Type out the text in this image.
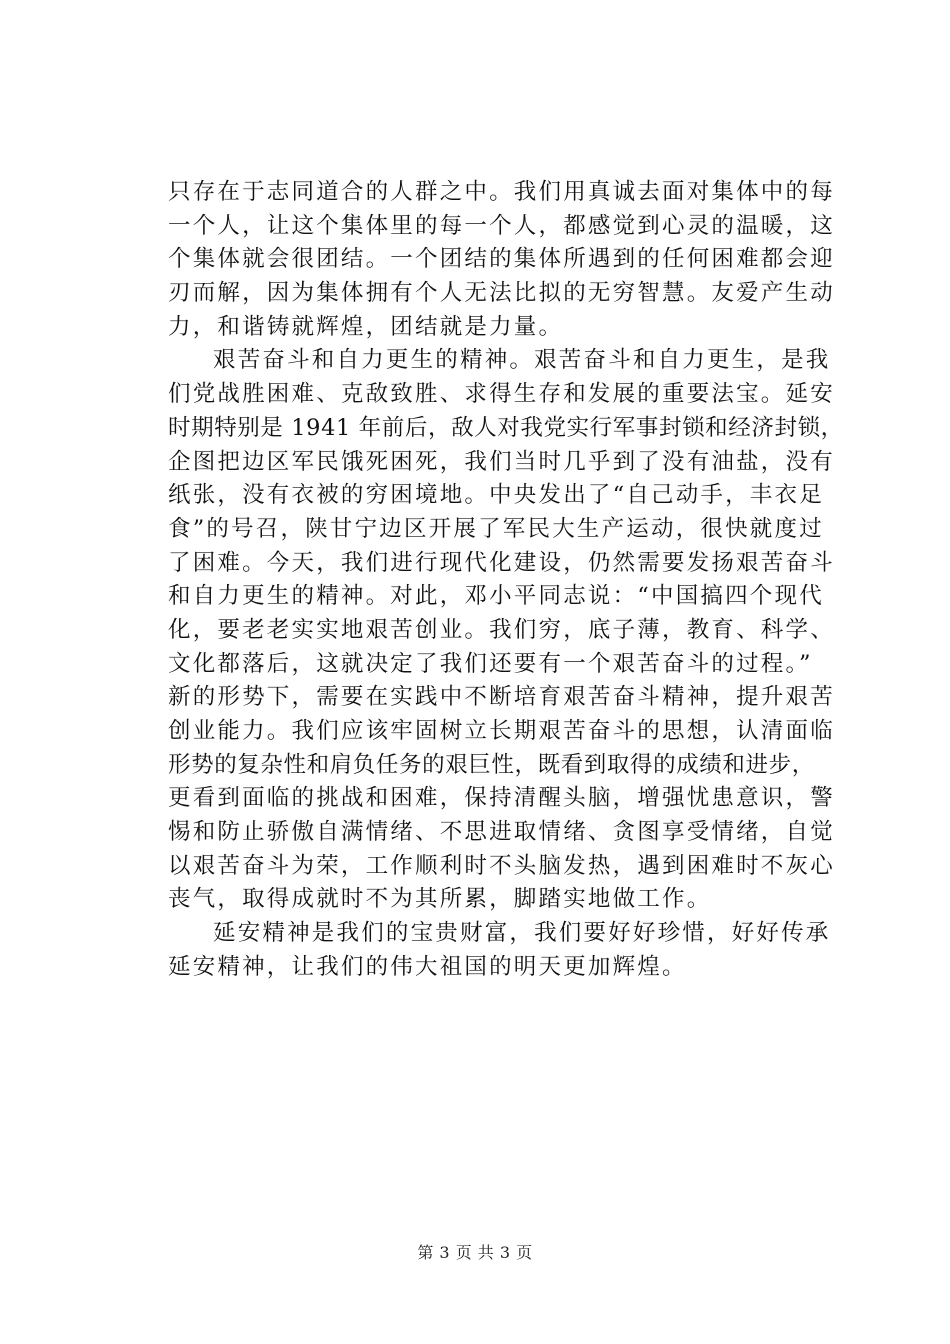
只存在于志同道合的人群之中。我们用真诚去面对集体中的每
一个人，让这个集体里的每一个人，都感觉到心灵的温暖，这
个集体就会很团结。一个团结的集体所遇到的任何困难都会迎
刃而解，因为集体拥有个人无法比拟的无穷智慧。友爱产生动
力，和谐铸就辉煌，团结就是力量。
艰苦奋斗和自力更生的精神。艰苦奋斗和自力更生，是我
们党战胜困难、克敌致胜、求得生存和发展的重要法宝。延安
时期特别是 1941 年前后，敌人对我党实行军事封锁和经济封锁，
企图把边区军民饿死困死，我们当时几乎到了没有油盐，没有
纸张，没有衣被的穷困境地。中央发出了“自己动手，丰衣足
食”的号召，陕甘宁边区开展了军民大生产运动，很快就度过
了困难。今天，我们进行现代化建设，仍然需要发扬艰苦奋斗
和自力更生的精神。对此，邓小平同志说：“中国搞四个现代
化，要老老实实地艰苦创业。我们穷，底子薄，教育、科学、
文化都落后，这就决定了我们还要有一个艰苦奋斗的过程。”
新的形势下，需要在实践中不断培育艰苦奋斗精神，提升艰苦
创业能力。我们应该牢固树立长期艰苦奋斗的思想，认清面临
形势的复杂性和肩负任务的艰巨性，既看到取得的成绩和进步，
更看到面临的挑战和困难，保持清醒头脑，增强忧患意识，警
惕和防止骄傲自满情绪、不思进取情绪、贪图享受情绪，自觉
以艰苦奋斗为荣，工作顺利时不头脑发热，遇到困难时不灰心
丧气，取得成就时不为其所累，脚踏实地做工作。
延安精神是我们的宝贵财富，我们要好好珍惜，好好传承
延安精神，让我们的伟大祖国的明天更加辉煌。
第 3 页 共 3 页
